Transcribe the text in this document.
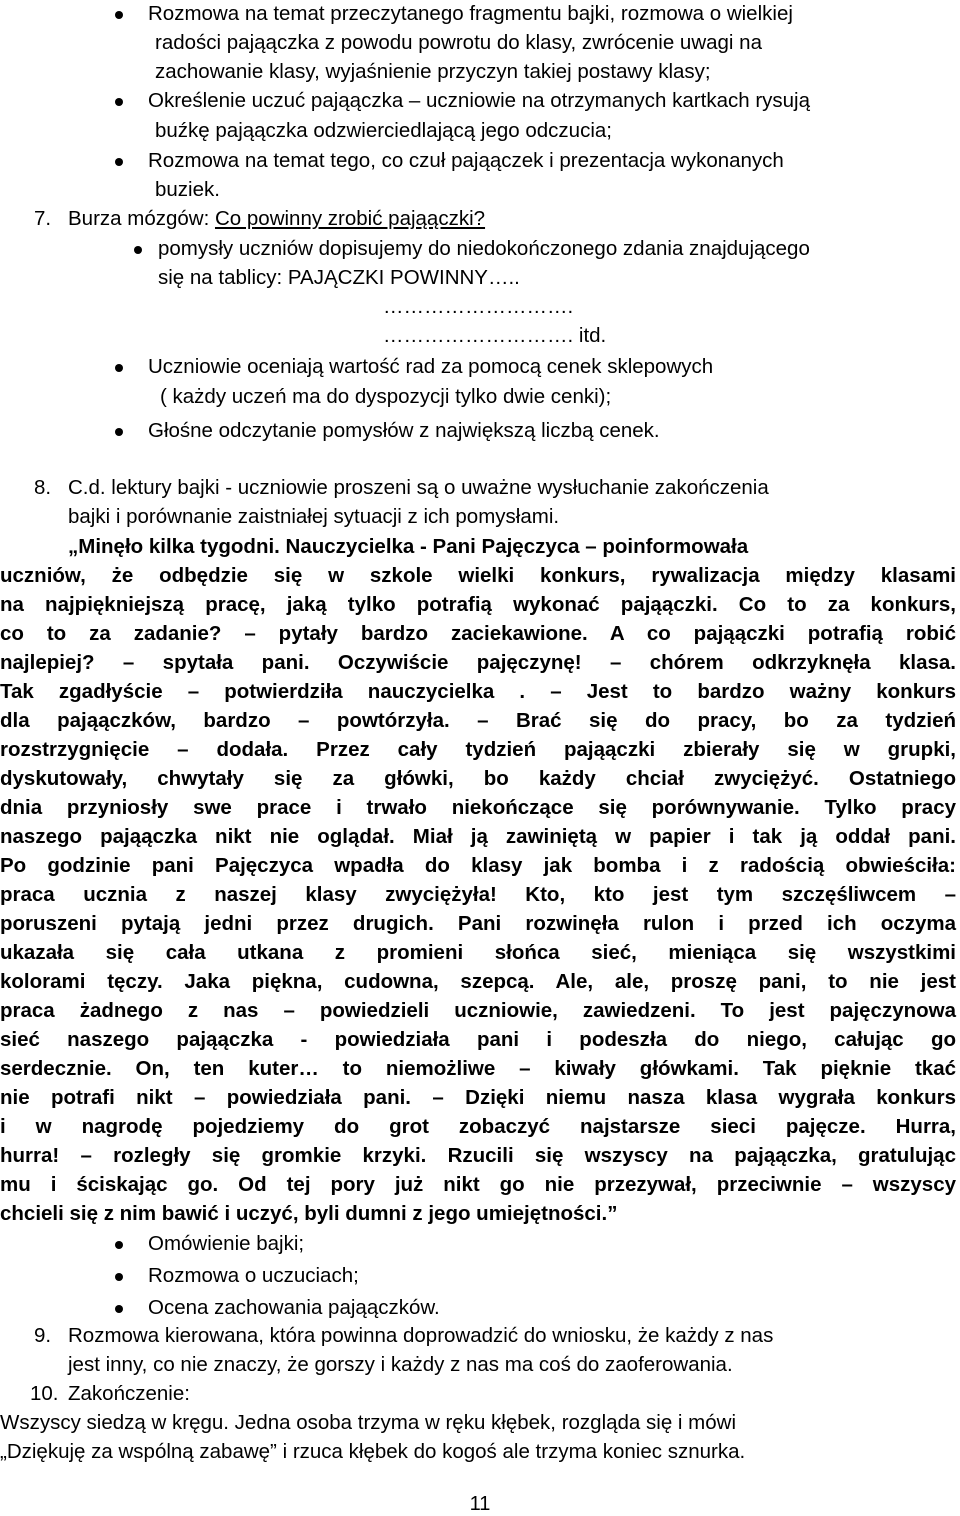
Rozmowa na temat przeczytanego fragmentu bajki, rozmowa o wielkiej
radości pająączka z powodu powrotu do klasy, zwrócenie uwagi na
zachowanie klasy, wyjaśnienie przyczyn takiej postawy klasy;
Określenie uczuć pająączka – uczniowie na otrzymanych kartkach rysują
buźkę pająączka odzwierciedlającą jego odczucia;
Rozmowa na temat tego, co czuł pająączek i prezentacja wykonanych
buziek.
7. Burza mózgów: Co powinny zrobić pająączki?
pomysły uczniów dopisujemy do niedokończonego zdania znajdującego
się na tablicy: PAJĄCZKI POWINNY…..
……………………….
………………………. itd.
Uczniowie oceniają wartość rad za pomocą cenek sklepowych
( każdy uczeń ma do dyspozycji tylko dwie cenki);
Głośne odczytanie pomysłów z największą liczbą cenek.
8. C.d. lektury bajki - uczniowie proszeni są o uważne wysłuchanie zakończenia
bajki i porównanie zaistniałej sytuacji z ich pomysłami.
„Minęło kilka tygodni. Nauczycielka - Pani Pajęczyca – poinformowała
uczniów, że odbędzie się w szkole wielki konkurs, rywalizacja między klasami
na najpiękniejszą pracę, jaką tylko potrafią wykonać pająączki. Co to za konkurs,
co to za zadanie? – pytały bardzo zaciekawione. A co pająączki potrafią robić
najlepiej? – spytała pani. Oczywiście pajęczynę! – chórem odkrzyknęła klasa.
Tak zgadłyście – potwierdziła nauczycielka . – Jest to bardzo ważny konkurs
dla pająączków, bardzo – powtórzyła. – Brać się do pracy, bo za tydzień
rozstrzygnięcie – dodała. Przez cały tydzień pająączki zbierały się w grupki,
dyskutowały, chwytały się za główki, bo każdy chciał zwyciężyć. Ostatniego
dnia przyniosły swe prace i trwało niekończące się porównywanie. Tylko pracy
naszego pająączka nikt nie oglądał. Miał ją zawiniętą w papier i tak ją oddał pani.
Po godzinie pani Pajęczyca wpadła do klasy jak bomba i z radością obwieściła:
praca ucznia z naszej klasy zwyciężyła! Kto, kto jest tym szczęśliwcem –
poruszeni pytają jedni przez drugich. Pani rozwinęła rulon i przed ich oczyma
ukazała się cała utkana z promieni słońca sieć, mieniąca się wszystkimi
kolorami tęczy. Jaka piękna, cudowna, szepcą. Ale, ale, proszę pani, to nie jest
praca żadnego z nas – powiedzieli uczniowie, zawiedzeni. To jest pajęczynowa
sieć naszego pająączka - powiedziała pani i podeszła do niego, całując go
serdecznie. On, ten kuter… to niemożliwe – kiwały główkami. Tak pięknie tkać
nie potrafi nikt – powiedziała pani. – Dzięki niemu nasza klasa wygrała konkurs
i w nagrodę pojedziemy do grot zobaczyć najstarsze sieci pajęcze. Hurra,
hurra! – rozległy się gromkie krzyki. Rzucili się wszyscy na pająączka, gratulując
mu i ściskając go. Od tej pory już nikt go nie przezywał, przeciwnie – wszyscy
chcieli się z nim bawić i uczyć, byli dumni z jego umiejętności.”
Omówienie bajki;
Rozmowa o uczuciach;
Ocena zachowania pająączków.
9. Rozmowa kierowana, która powinna doprowadzić do wniosku, że każdy z nas
jest inny, co nie znaczy, że gorszy i każdy z nas ma coś do zaoferowania.
10. Zakończenie:
Wszyscy siedzą w kręgu. Jedna osoba trzyma w ręku kłębek, rozgląda się i mówi
„Dziękuję za wspólną zabawę” i rzuca kłębek do kogoś ale trzyma koniec sznurka.
11
